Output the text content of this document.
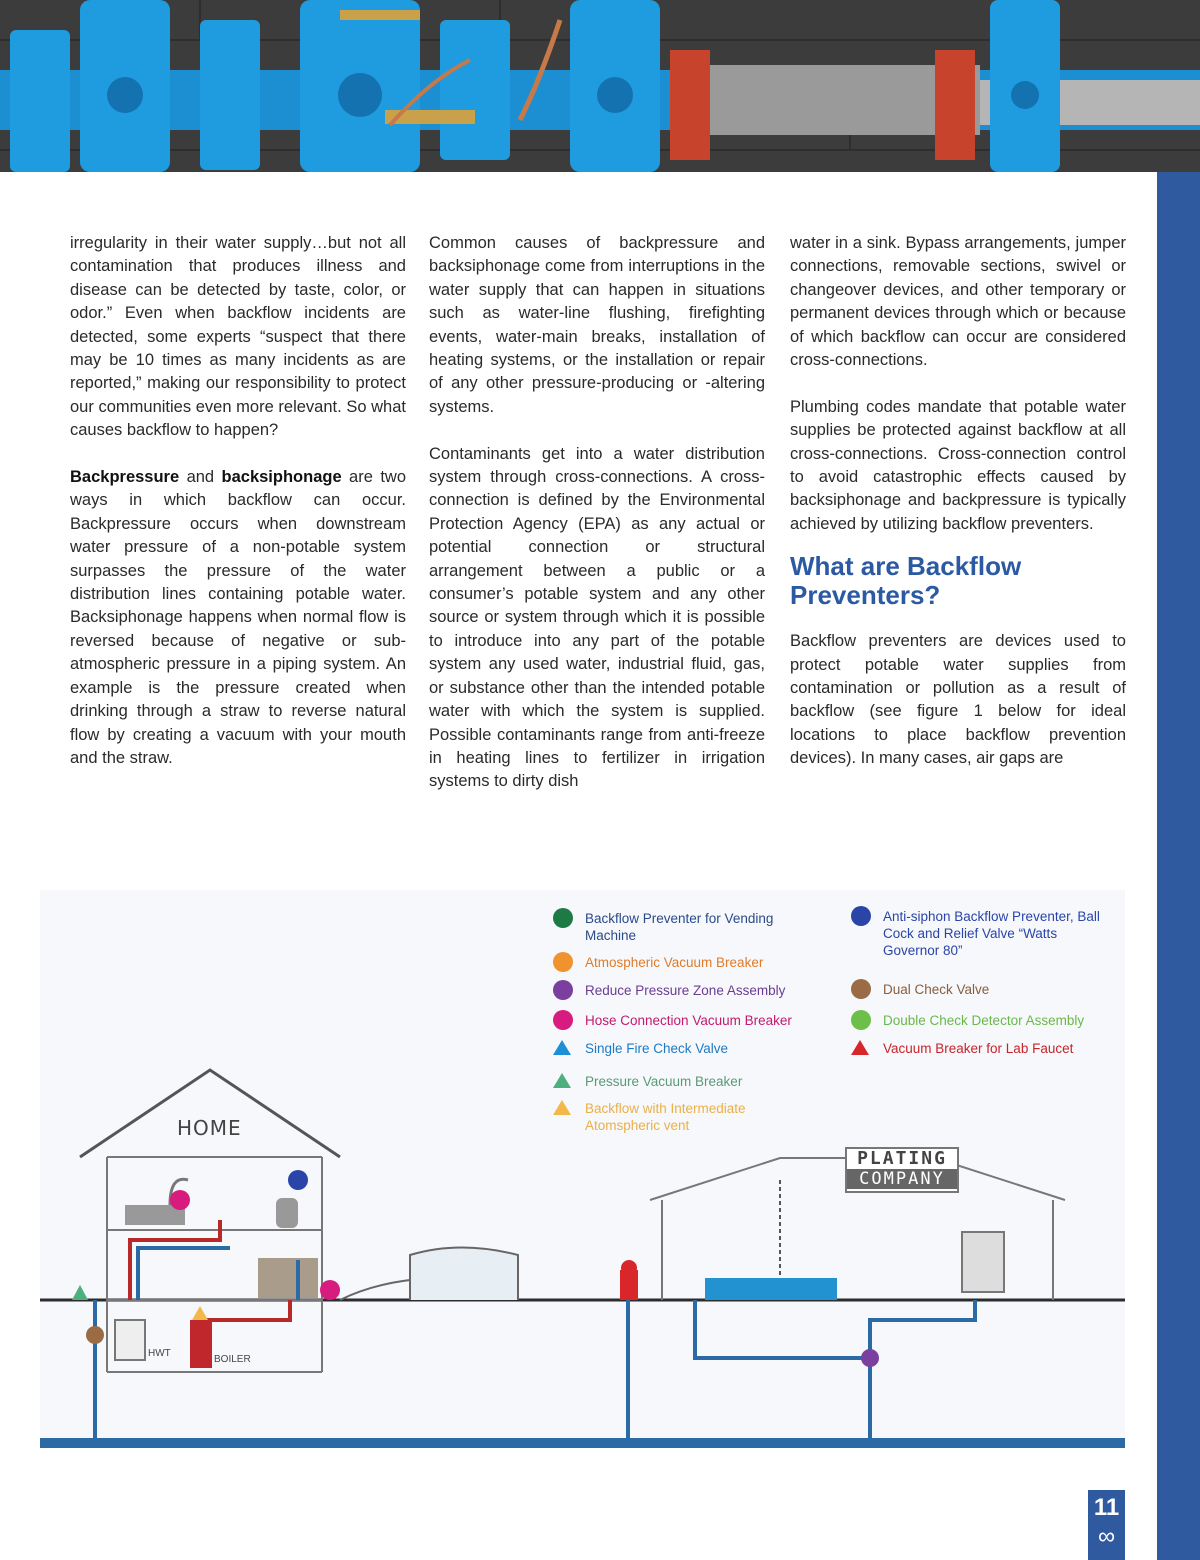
irregularity in their water supply…but not all contamination that produces illness and disease can be detected by taste, color, or odor.” Even when backflow incidents are detected, some experts “suspect that there may be 10 times as many incidents as are reported,” making our responsibility to protect our communities even more relevant. So what causes backflow to happen?

Backpressure and backsiphonage are two ways in which backflow can occur. Backpressure occurs when downstream water pressure of a non-potable system surpasses the pressure of the water distribution lines containing potable water. Backsiphonage happens when normal flow is reversed because of negative or sub-atmospheric pressure in a piping system. An example is the pressure created when drinking through a straw to reverse natural flow by creating a vacuum with your mouth and the straw.

Common causes of backpressure and backsiphonage come from interruptions in the water supply that can happen in situations such as water-line flushing, firefighting events, water-main breaks, installation of heating systems, or the installation or repair of any other pressure-producing or -altering systems.

Contaminants get into a water distribution system through cross-connections. A cross-connection is defined by the Environmental Protection Agency (EPA) as any actual or potential connection or structural arrangement between a public or a consumer’s potable system and any other source or system through which it is possible to introduce into any part of the potable system any used water, industrial fluid, gas, or substance other than the intended potable water with which the system is supplied. Possible contaminants range from anti-freeze in heating lines to fertilizer in irrigation systems to dirty dish

water in a sink. Bypass arrangements, jumper connections, removable sections, swivel or changeover devices, and other temporary or permanent devices through which or because of which backflow can occur are considered cross-connections.

Plumbing codes mandate that potable water supplies be protected against backflow at all cross-connections. Cross-connection control to avoid catastrophic effects caused by backsiphonage and backpressure is typically achieved by utilizing backflow preventers.

What are Backflow Preventers?

Backflow preventers are devices used to protect potable water supplies from contamination or pollution as a result of backflow (see figure 1 below for ideal locations to place backflow prevention devices). In many cases, air gaps are

Backflow Preventer for Vending Machine
Atmospheric Vacuum Breaker
Reduce Pressure Zone Assembly
Hose Connection Vacuum Breaker
Single Fire Check Valve
Pressure Vacuum Breaker
Backflow with Intermediate Atomspheric vent
Anti-siphon Backflow Preventer, Ball Cock and Relief Valve “Watts Governor 80”
Dual Check Valve
Double Check Detector Assembly
Vacuum Breaker for Lab Faucet
HOME
HWT
BOILER
PLATING
COMPANY
11
∞
